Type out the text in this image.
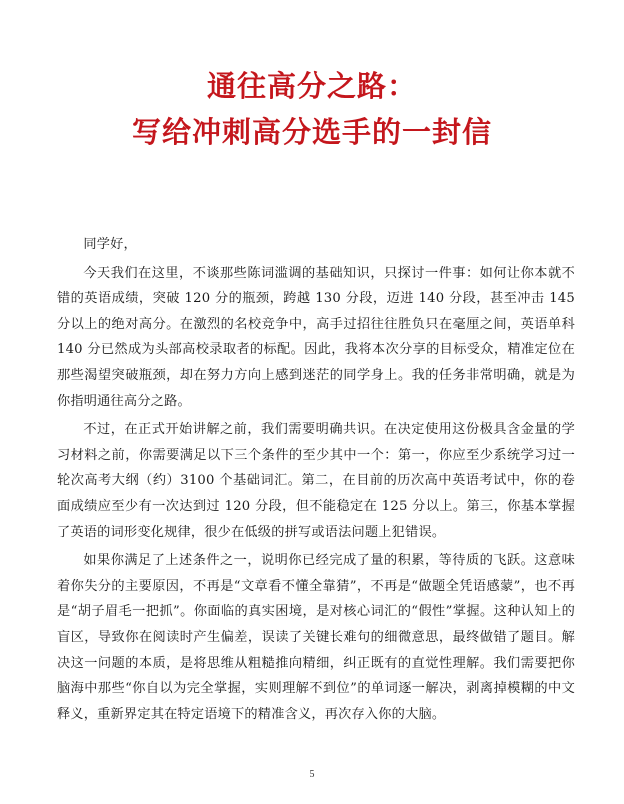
通往高分之路：
写给冲刺高分选手的一封信

同学好，

今天我们在这里，不谈那些陈词滥调的基础知识，只探讨一件事：如何让你本就不错的英语成绩，突破 120 分的瓶颈，跨越 130 分段，迈进 140 分段，甚至冲击 145 分以上的绝对高分。在激烈的名校竞争中，高手过招往往胜负只在毫厘之间，英语单科 140 分已然成为头部高校录取者的标配。因此，我将本次分享的目标受众，精准定位在那些渴望突破瓶颈，却在努力方向上感到迷茫的同学身上。我的任务非常明确，就是为你指明通往高分之路。

不过，在正式开始讲解之前，我们需要明确共识。在决定使用这份极具含金量的学习材料之前，你需要满足以下三个条件的至少其中一个：第一，你应至少系统学习过一轮次高考大纲（约）3100 个基础词汇。第二，在目前的历次高中英语考试中，你的卷面成绩应至少有一次达到过 120 分段，但不能稳定在 125 分以上。第三，你基本掌握了英语的词形变化规律，很少在低级的拼写或语法问题上犯错误。

如果你满足了上述条件之一，说明你已经完成了量的积累，等待质的飞跃。这意味着你失分的主要原因，不再是“文章看不懂全靠猜”，不再是“做题全凭语感蒙”，也不再是“胡子眉毛一把抓”。你面临的真实困境，是对核心词汇的“假性”掌握。这种认知上的盲区，导致你在阅读时产生偏差，误读了关键长难句的细微意思，最终做错了题目。解决这一问题的本质，是将思维从粗糙推向精细，纠正既有的直觉性理解。我们需要把你脑海中那些“你自以为完全掌握，实则理解不到位”的单词逐一解决，剥离掉模糊的中文释义，重新界定其在特定语境下的精准含义，再次存入你的大脑。

5
